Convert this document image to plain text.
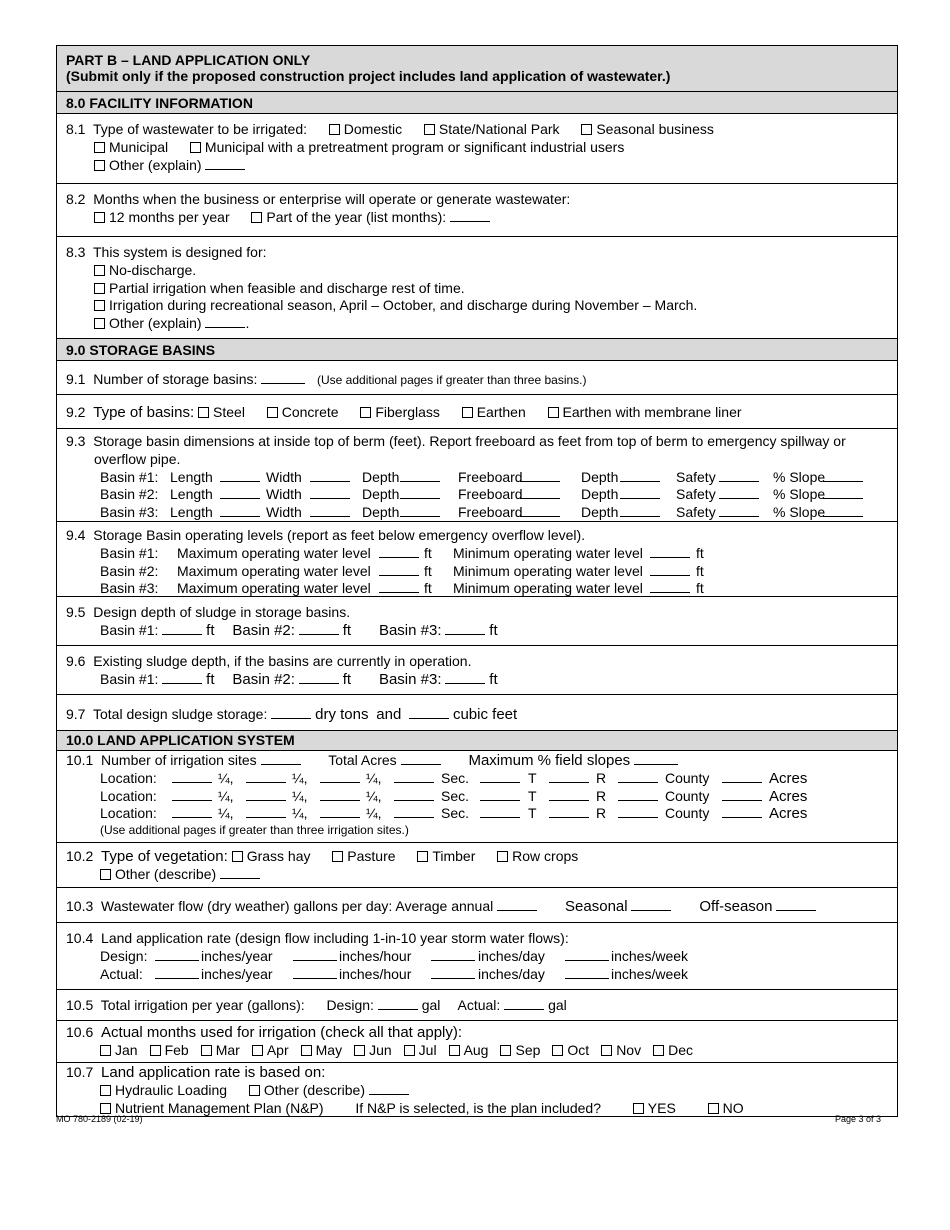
PART B – LAND APPLICATION ONLY
(Submit only if the proposed construction project includes land application of wastewater.)
8.0 FACILITY INFORMATION
8.1 Type of wastewater to be irrigated:	Domestic	State/National Park	Seasonal business
Municipal	Municipal with a pretreatment program or significant industrial users
Other (explain)
8.2 Months when the business or enterprise will operate or generate wastewater:
12 months per year	Part of the year (list months):
8.3 This system is designed for:
No-discharge.
Partial irrigation when feasible and discharge rest of time.
Irrigation during recreational season, April – October, and discharge during November – March.
Other (explain)	.
9.0 STORAGE BASINS
9.1 Number of storage basins:	(Use additional pages if greater than three basins.)
9.2 Type of basins: Steel	Concrete	Fiberglass	Earthen	Earthen with membrane liner
9.3 Storage basin dimensions at inside top of berm (feet). Report freeboard as feet from top of berm to emergency spillway or
overflow pipe.
Basin #1: Length	Width	Depth	Freeboard	Depth	Safety	% Slope
Basin #2: Length	Width	Depth	Freeboard	Depth	Safety	% Slope
Basin #3: Length	Width	Depth	Freeboard	Depth	Safety	% Slope
9.4 Storage Basin operating levels (report as feet below emergency overflow level).
Basin #1: Maximum operating water level	ft Minimum operating water level	ft
Basin #2: Maximum operating water level	ft Minimum operating water level	ft
Basin #3: Maximum operating water level	ft Minimum operating water level	ft
9.5 Design depth of sludge in storage basins.
Basin #1:	ft Basin #2:	ft Basin #3:	ft
9.6 Existing sludge depth, if the basins are currently in operation.
Basin #1:	ft Basin #2:	ft Basin #3:	ft
9.7 Total design sludge storage:	dry tons and	cubic feet
10.0 LAND APPLICATION SYSTEM
10.1 Number of irrigation sites	Total Acres	Maximum % field slopes
Location:	¼,	¼,	¼,	Sec.	T	R	County	Acres
Location:	¼,	¼,	¼,	Sec.	T	R	County	Acres
Location:	¼,	¼,	¼,	Sec.	T	R	County	Acres
(Use additional pages if greater than three irrigation sites.)
10.2 Type of vegetation: Grass hay	Pasture	Timber	Row crops
Other (describe)
10.3 Wastewater flow (dry weather) gallons per day: Average annual	Seasonal	Off-season
10.4 Land application rate (design flow including 1-in-10 year storm water flows):
Design:	inches/year	inches/hour	inches/day	inches/week
Actual:	inches/year	inches/hour	inches/day	inches/week
10.5 Total irrigation per year (gallons): Design:	gal Actual:	gal
10.6 Actual months used for irrigation (check all that apply):
Jan Feb Mar Apr May Jun Jul Aug Sep Oct Nov Dec
10.7 Land application rate is based on:
Hydraulic Loading	Other (describe)
Nutrient Management Plan (N&P) If N&P is selected, is the plan included?	YES	NO
MO 780-2189 (02-19)	Page 3 of 3
